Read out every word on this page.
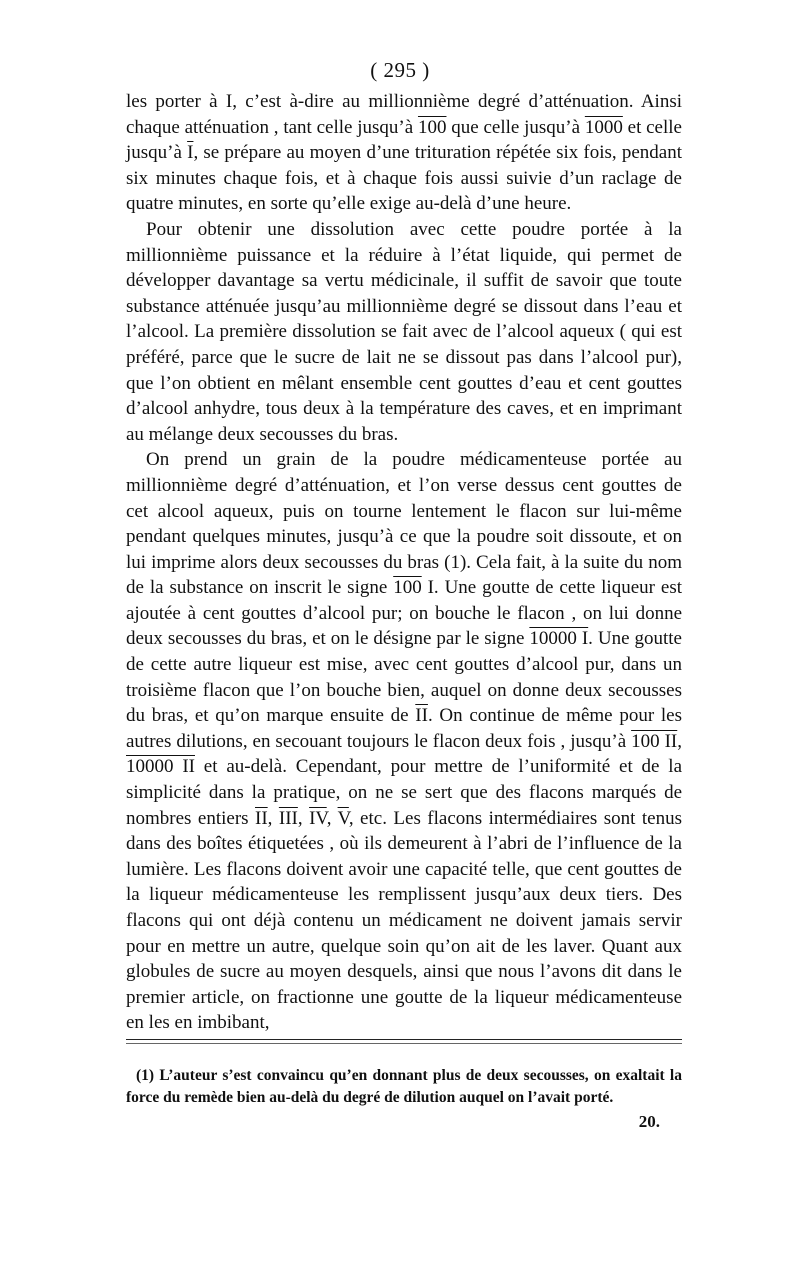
( 295 )

les porter à I, c’est à-dire au millionnième degré d’atténuation. Ainsi chaque atténuation , tant celle jusqu’à 100 que celle jusqu’à 1000 et celle jusqu’à $\overline{I}$, se prépare au moyen d’une trituration répétée six fois, pendant six minutes chaque fois, et à chaque fois aussi suivie d’un raclage de quatre minutes, en sorte qu’elle exige au-delà d’une heure.

Pour obtenir une dissolution avec cette poudre portée à la millionnième puissance et la réduire à l’état liquide, qui permet de développer davantage sa vertu médicinale, il suffit de savoir que toute substance atténuée jusqu’au millionnième degré se dissout dans l’eau et l’alcool. La première dissolution se fait avec de l’alcool aqueux ( qui est préféré, parce que le sucre de lait ne se dissout pas dans l’alcool pur), que l’on obtient en mêlant ensemble cent gouttes d’eau et cent gouttes d’alcool anhydre, tous deux à la température des caves, et en imprimant au mélange deux secousses du bras.

On prend un grain de la poudre médicamenteuse portée au millionnième degré d’atténuation, et l’on verse dessus cent gouttes de cet alcool aqueux, puis on tourne lentement le flacon sur lui-même pendant quelques minutes, jusqu’à ce que la poudre soit dissoute, et on lui imprime alors deux secousses du bras (1). Cela fait, à la suite du nom de la substance on inscrit le signe 100 I. Une goutte de cette liqueur est ajoutée à cent gouttes d’alcool pur; on bouche le flacon , on lui donne deux secousses du bras, et on le désigne par le signe 10000 I. Une goutte de cette autre liqueur est mise, avec cent gouttes d’alcool pur, dans un troisième flacon que l’on bouche bien, auquel on donne deux secousses du bras, et qu’on marque ensuite de $\overline{II}$. On continue de même pour les autres dilutions, en secouant toujours le flacon deux fois , jusqu’à 100 II, 10000 II et au-delà. Cependant, pour mettre de l’uniformité et de la simplicité dans la pratique, on ne se sert que des flacons marqués de nombres entiers $\overline{II}$, $\overline{III}$, $\overline{IV}$, $\overline{V}$, etc. Les flacons intermédiaires sont tenus dans des boîtes étiquetées , où ils demeurent à l’abri de l’influence de la lumière. Les flacons doivent avoir une capacité telle, que cent gouttes de la liqueur médicamenteuse les remplissent jusqu’aux deux tiers. Des flacons qui ont déjà contenu un médicament ne doivent jamais servir pour en mettre un autre, quelque soin qu’on ait de les laver. Quant aux globules de sucre au moyen desquels, ainsi que nous l’avons dit dans le premier article, on fractionne une goutte de la liqueur médicamenteuse en les en imbibant,

(1) L’auteur s’est convaincu qu’en donnant plus de deux secousses, on exaltait la force du remède bien au-delà du degré de dilution auquel on l’avait porté.

20.
